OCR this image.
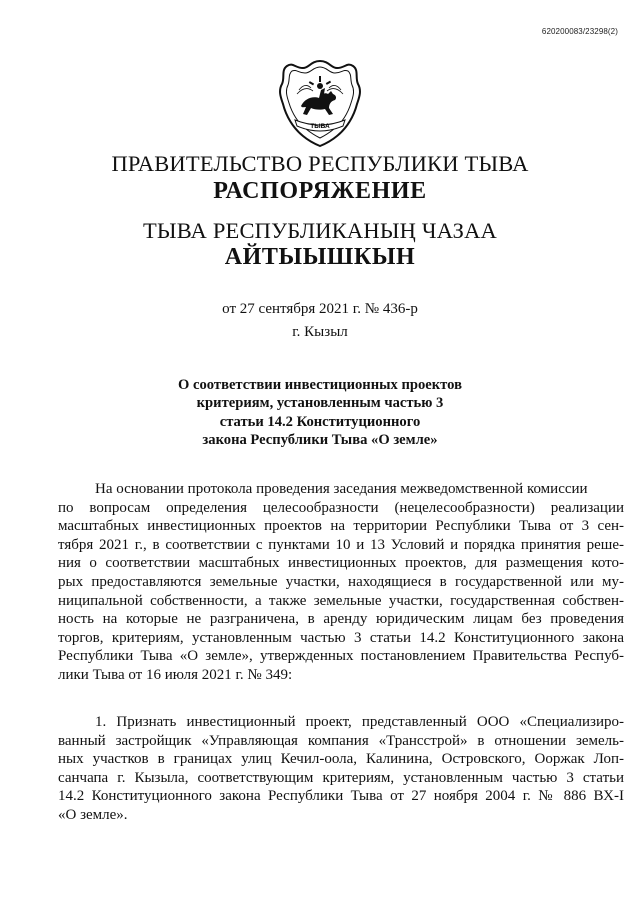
620200083/23298(2)
ТЫВА
ПРАВИТЕЛЬСТВО РЕСПУБЛИКИ ТЫВА
РАСПОРЯЖЕНИЕ
ТЫВА РЕСПУБЛИКАНЫҢ ЧАЗАА
АЙТЫЫШКЫН
от 27 сентября 2021 г. № 436-р
г. Кызыл
О соответствии инвестиционных проектов
критериям, установленным частью 3
статьи 14.2 Конституционного
закона Республики Тыва «О земле»
На основании протокола проведения заседания межведомственной комиссии
по вопросам определения целесообразности (нецелесообразности) реализации
масштабных инвестиционных проектов на территории Республики Тыва от 3 сен-
тября 2021 г., в соответствии с пунктами 10 и 13 Условий и порядка принятия реше-
ния о соответствии масштабных инвестиционных проектов, для размещения кото-
рых предоставляются земельные участки, находящиеся в государственной или му-
ниципальной собственности, а также земельные участки, государственная собствен-
ность на которые не разграничена, в аренду юридическим лицам без проведения
торгов, критериям, установленным частью 3 статьи 14.2 Конституционного закона
Республики Тыва «О земле», утвержденных постановлением Правительства Респуб-
лики Тыва от 16 июля 2021 г. № 349:
1. Признать инвестиционный проект, представленный ООО «Специализиро-
ванный застройщик «Управляющая компания «Трансстрой» в отношении земель-
ных участков в границах улиц Кечил-оола, Калинина, Островского, Ооржак Лоп-
санчапа г. Кызыла, соответствующим критериям, установленным частью 3 статьи
14.2 Конституционного закона Республики Тыва от 27 ноября 2004 г. № 886 ВХ-I
«О земле».
